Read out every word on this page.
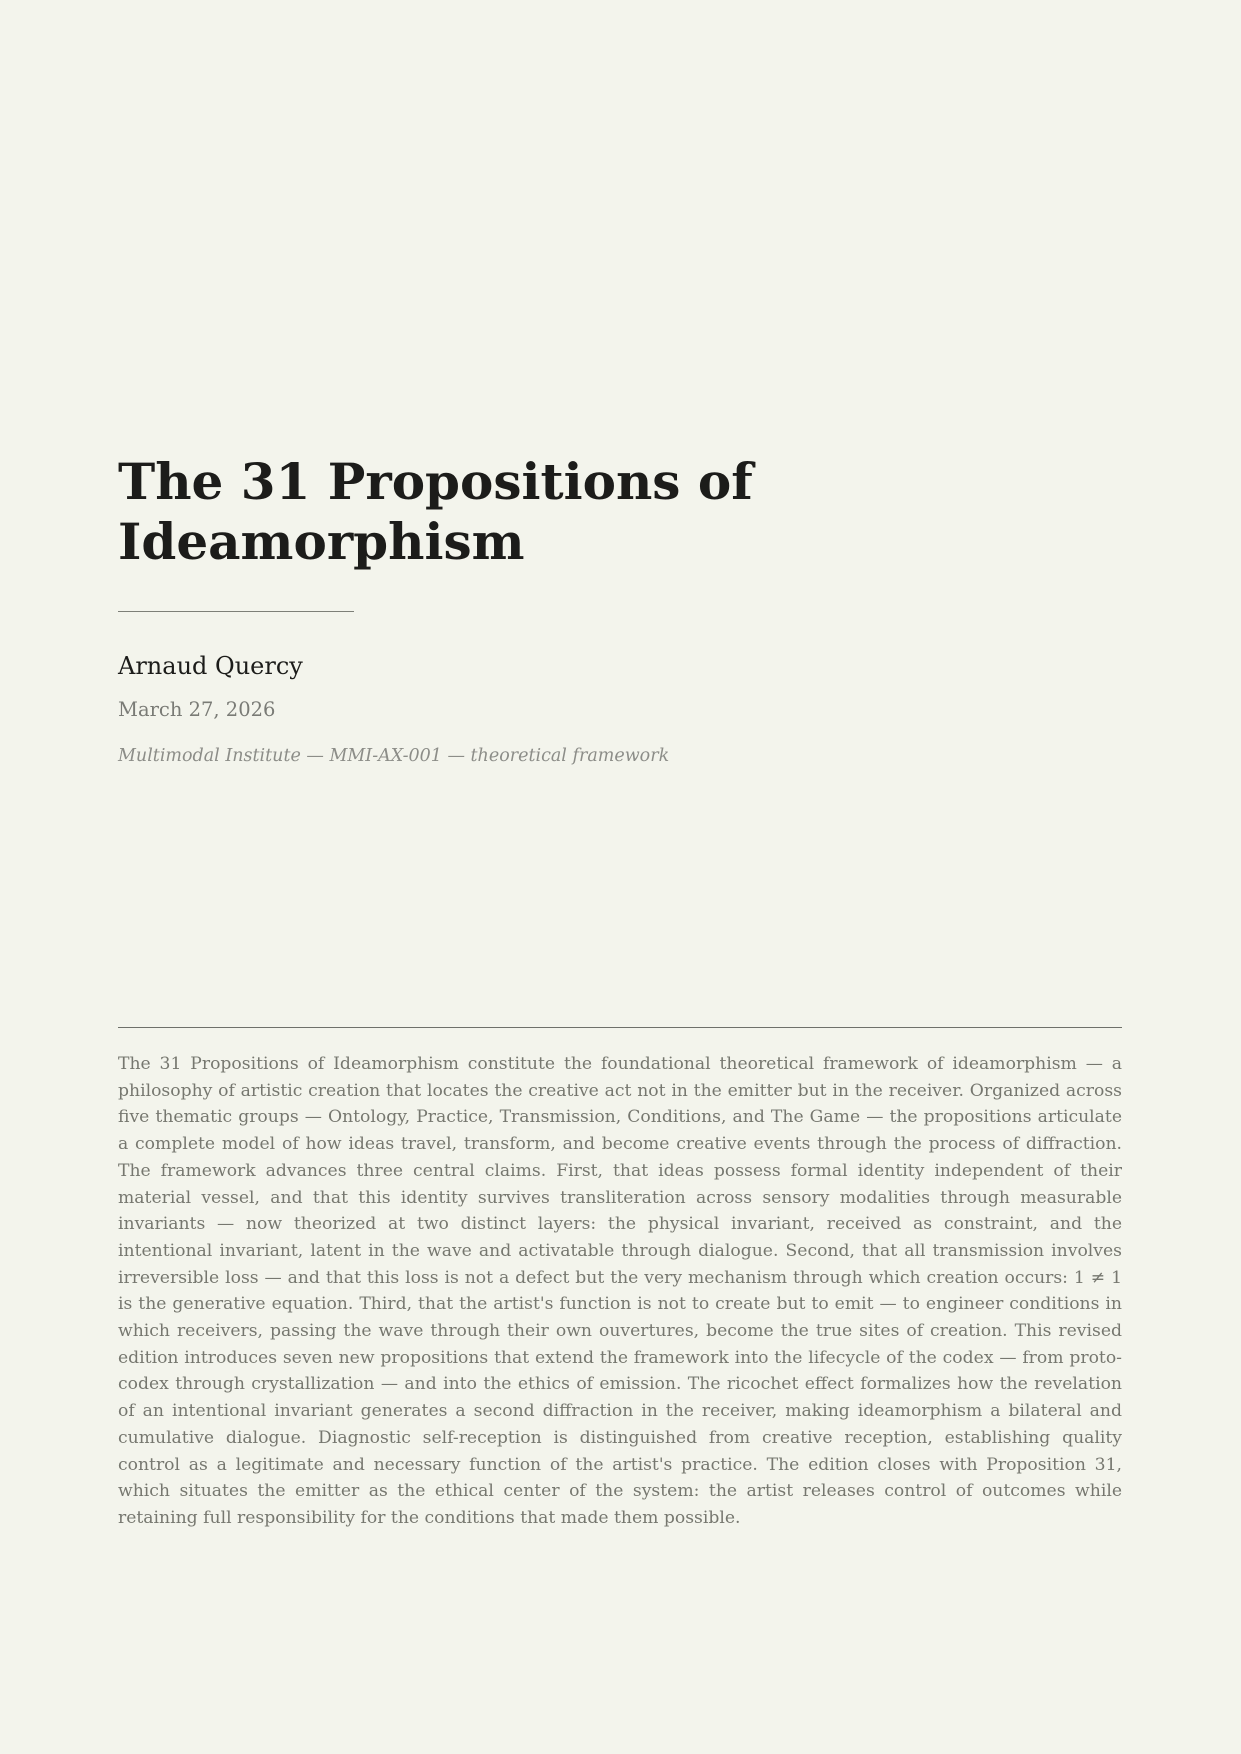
The 31 Propositions of Ideamorphism
Arnaud Quercy
March 27, 2026
Multimodal Institute — MMI-AX-001 — theoretical framework

The 31 Propositions of Ideamorphism constitute the foundational theoretical framework of ideamorphism — a philosophy of artistic creation that locates the creative act not in the emitter but in the receiver. Organized across five thematic groups — Ontology, Practice, Transmission, Conditions, and The Game — the propositions articulate a complete model of how ideas travel, transform, and become creative events through the process of diffraction. The framework advances three central claims. First, that ideas possess formal identity independent of their material vessel, and that this identity survives transliteration across sensory modalities through measurable invariants — now theorized at two distinct layers: the physical invariant, received as constraint, and the intentional invariant, latent in the wave and activatable through dialogue. Second, that all transmission involves irreversible loss — and that this loss is not a defect but the very mechanism through which creation occurs: 1 ≠ 1 is the generative equation. Third, that the artist's function is not to create but to emit — to engineer conditions in which receivers, passing the wave through their own ouvertures, become the true sites of creation. This revised edition introduces seven new propositions that extend the framework into the lifecycle of the codex — from proto-codex through crystallization — and into the ethics of emission. The ricochet effect formalizes how the revelation of an intentional invariant generates a second diffraction in the receiver, making ideamorphism a bilateral and cumulative dialogue. Diagnostic self-reception is distinguished from creative reception, establishing quality control as a legitimate and necessary function of the artist's practice. The edition closes with Proposition 31, which situates the emitter as the ethical center of the system: the artist releases control of outcomes while retaining full responsibility for the conditions that made them possible.
